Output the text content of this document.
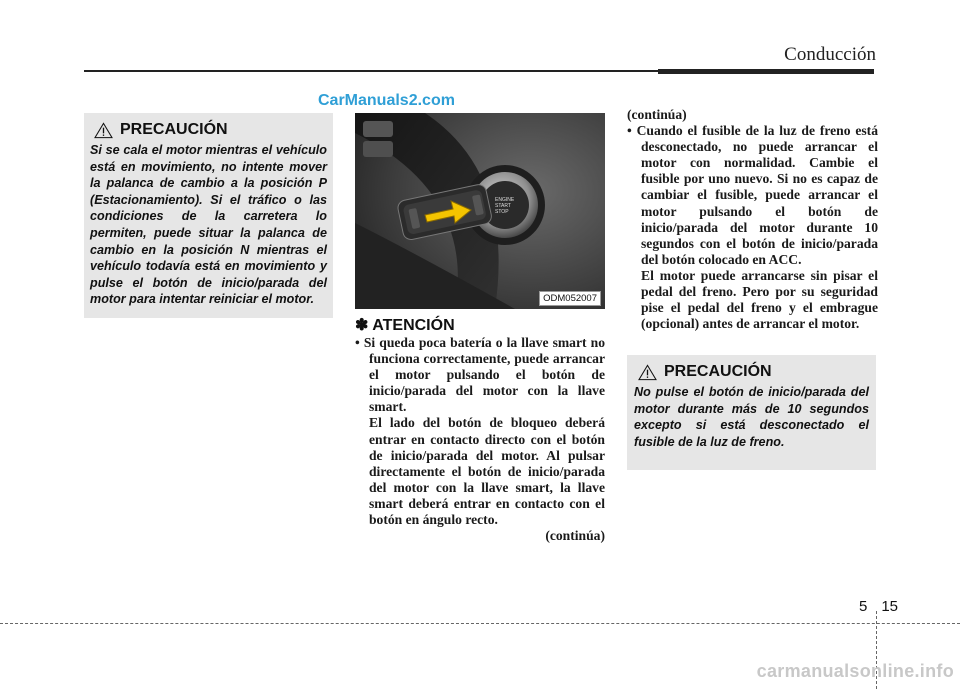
Conducción
CarManuals2.com
PRECAUCIÓN
Si se cala el motor mientras el vehículo está en movimiento, no intente mover la palanca de cambio a la posición P (Estacionamiento). Si el tráfico o las condiciones de la carretera lo permiten, puede situar la palanca de cambio en la posición N mientras el vehículo todavía está en movimiento y pulse el botón de inicio/parada del motor para intentar reiniciar el motor.
ENGINE
START
STOP
ODM052007
✽ ATENCIÓN
• Si queda poca batería o la llave smart no funciona correctamente, puede arrancar el motor pulsando el botón de inicio/parada del motor con la llave smart.
El lado del botón de bloqueo deberá entrar en contacto directo con el botón de inicio/parada del motor. Al pulsar directamente el botón de inicio/parada del motor con la llave smart, la llave smart deberá entrar en contacto con el botón en ángulo recto.
(continúa)
(continúa)
• Cuando el fusible de la luz de freno está desconectado, no puede arrancar el motor con normalidad. Cambie el fusible por uno nuevo. Si no es capaz de cambiar el fusible, puede arrancar el motor pulsando el botón de inicio/parada del motor durante 10 segundos con el botón de inicio/parada del botón colocado en ACC.
El motor puede arrancarse sin pisar el pedal del freno. Pero por su seguridad pise el pedal del freno y el embrague (opcional) antes de arrancar el motor.
PRECAUCIÓN
No pulse el botón de inicio/parada del motor durante más de 10 segundos excepto si está desconectado el fusible de la luz de freno.
5 15
carmanualsonline.info
